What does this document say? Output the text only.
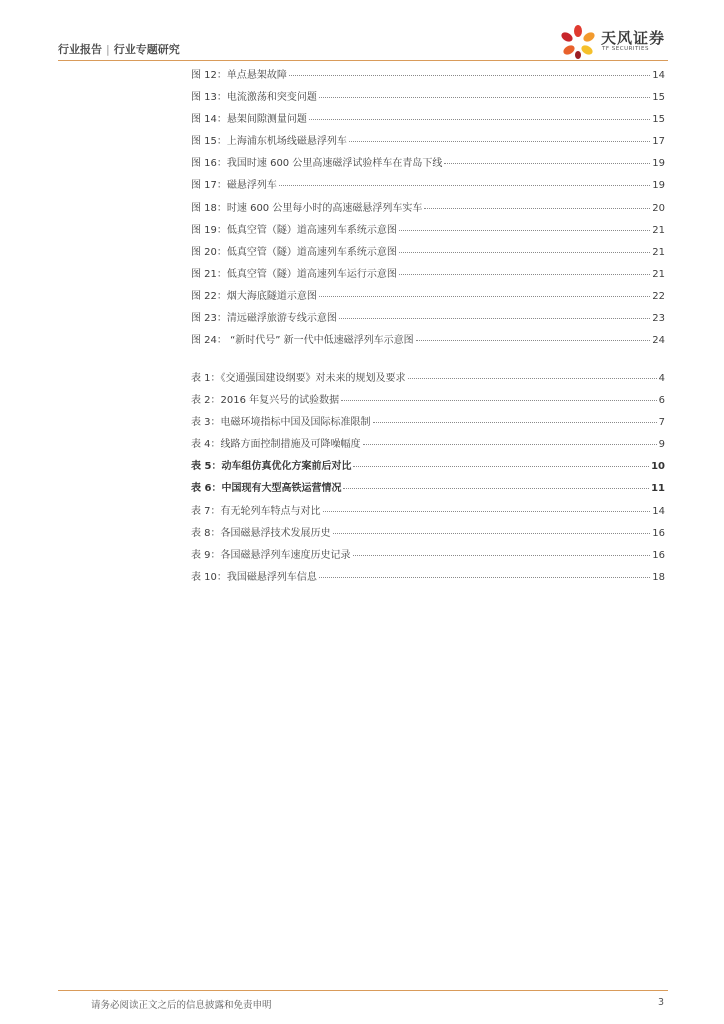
行业报告 | 行业专题研究
天风证券
TF SECURITIES
图 12：单点悬架故障	14
图 13：电流激荡和突变问题	15
图 14：悬架间隙测量问题	15
图 15：上海浦东机场线磁悬浮列车	17
图 16：我国时速 600 公里高速磁浮试验样车在青岛下线	19
图 17：磁悬浮列车	19
图 18：时速 600 公里每小时的高速磁悬浮列车实车	20
图 19：低真空管（隧）道高速列车系统示意图	21
图 20：低真空管（隧）道高速列车系统示意图	21
图 21：低真空管（隧）道高速列车运行示意图	21
图 22：烟大海底隧道示意图	22
图 23：清远磁浮旅游专线示意图	23
图 24： “新时代号” 新一代中低速磁浮列车示意图	24
表 1：《交通强国建设纲要》对未来的规划及要求	4
表 2：2016 年复兴号的试验数据	6
表 3：电磁环境指标中国及国际标准限制	7
表 4：线路方面控制措施及可降噪幅度	9
表 5：动车组仿真优化方案前后对比	10
表 6：中国现有大型高铁运营情况	11
表 7：有无轮列车特点与对比	14
表 8：各国磁悬浮技术发展历史	16
表 9：各国磁悬浮列车速度历史记录	16
表 10：我国磁悬浮列车信息	18
请务必阅读正文之后的信息披露和免责申明	3
